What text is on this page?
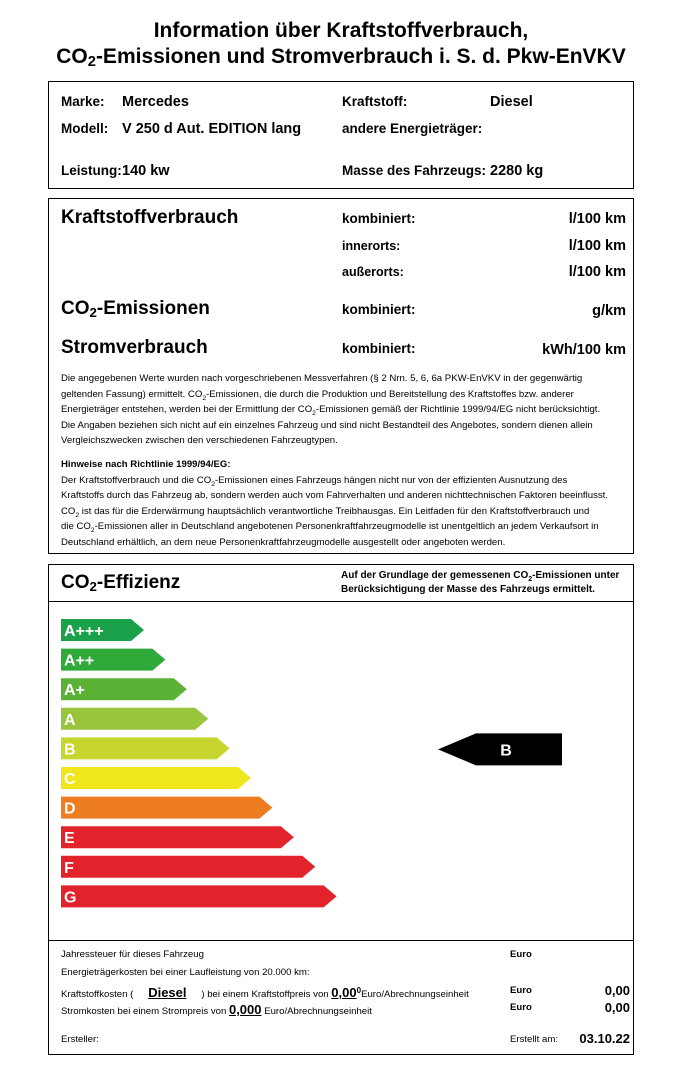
Information über Kraftstoffverbrauch,
$CO_2$-Emissionen und Stromverbrauch i. S. d. Pkw-EnVKV
Marke: Mercedes
Modell: V 250 d Aut. EDITION lang
Leistung: 140 kw
Kraftstoff:	Diesel
andere Energieträger:
Masse des Fahrzeugs: 2280 kg
Kraftstoffverbrauch	kombiniert:	l/100 km
innerorts:	l/100 km
außerorts:	l/100 km
$CO_2$-Emissionen	kombiniert:	g/km
Stromverbrauch	kombiniert:	kWh/100 km
Die angegebenen Werte wurden nach vorgeschriebenen Messverfahren (§ 2 Nrn. 5, 6, 6a PKW-EnVKV in der gegenwärtig
geltenden Fassung) ermittelt. $CO_2$-Emissionen, die durch die Produktion und Bereitstellung des Kraftstoffes bzw. anderer
Energieträger entstehen, werden bei der Ermittlung der $CO_2$-Emissionen gemäß der Richtlinie 1999/94/EG nicht berücksichtigt.
Die Angaben beziehen sich nicht auf ein einzelnes Fahrzeug und sind nicht Bestandteil des Angebotes, sondern dienen allein
Vergleichszwecken zwischen den verschiedenen Fahrzeugtypen.
Hinweise nach Richtlinie 1999/94/EG:
Der Kraftstoffverbrauch und die $CO_2$-Emissionen eines Fahrzeugs hängen nicht nur von der effizienten Ausnutzung des
Kraftstoffs durch das Fahrzeug ab, sondern werden auch vom Fahrverhalten und anderen nichttechnischen Faktoren beeinflusst.
$CO_2$ ist das für die Erderwärmung hauptsächlich verantwortliche Treibhausgas. Ein Leitfaden für den Kraftstoffverbrauch und
die $CO_2$-Emissionen aller in Deutschland angebotenen Personenkraftfahrzeugmodelle ist unentgeltlich an jedem Verkaufsort in
Deutschland erhältlich, an dem neue Personenkraftfahrzeugmodelle ausgestellt oder angeboten werden.
$CO_2$-Effizienz	Auf der Grundlage der gemessenen $CO_2$-Emissionen unter
Berücksichtigung der Masse des Fahrzeugs ermittelt.
A+++
A++
A+
A
B
C
D
E
F
G
B
Jahressteuer für dieses Fahrzeug	Euro
Energieträgerkosten bei einer Laufleistung von 20.000 km:
Kraftstoffkosten ( Diesel ) bei einem Kraftstoffpreis von 0,00$^0$Euro/Abrechnungseinheit	Euro	0,00
Stromkosten bei einem Strompreis von 0,000 Euro/Abrechnungseinheit	Euro	0,00
Ersteller:	Erstellt am: 03.10.22
